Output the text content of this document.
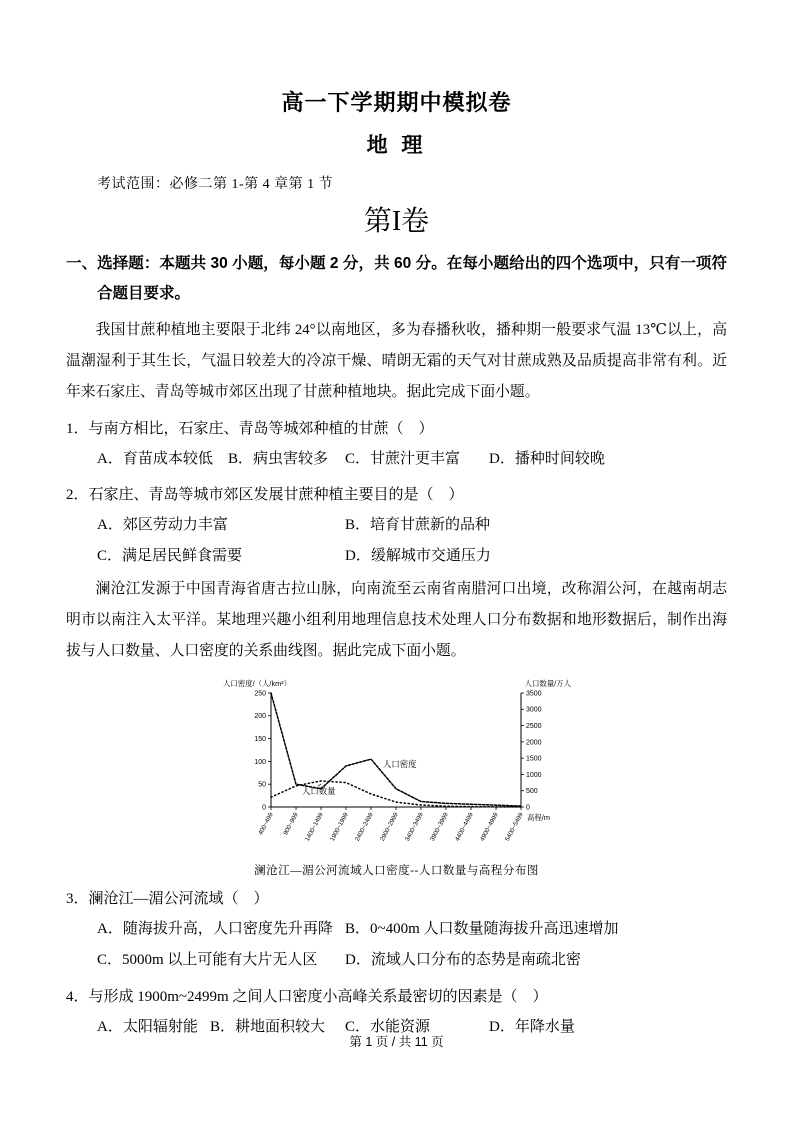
高一下学期期中模拟卷
地 理
考试范围：必修二第 1-第 4 章第 1 节
第I卷
一、选择题：本题共 30 小题，每小题 2 分，共 60 分。在每小题给出的四个选项中，只有一项符合题目要求。

我国甘蔗种植地主要限于北纬 24°以南地区，多为春播秋收，播种期一般要求气温 13℃以上，高温潮湿利于其生长，气温日较差大的冷凉干燥、晴朗无霜的天气对甘蔗成熟及品质提高非常有利。近年来石家庄、青岛等城市郊区出现了甘蔗种植地块。据此完成下面小题。

1．与南方相比，石家庄、青岛等城郊种植的甘蔗（　）
A．育苗成本较低	B．病虫害较多	C．甘蔗汁更丰富	D．播种时间较晚
2．石家庄、青岛等城市郊区发展甘蔗种植主要目的是（　）
A．郊区劳动力丰富	B．培育甘蔗新的品种
C．满足居民鲜食需要	D．缓解城市交通压力

澜沧江发源于中国青海省唐古拉山脉，向南流至云南省南腊河口出境，改称湄公河，在越南胡志明市以南注入太平洋。某地理兴趣小组利用地理信息技术处理人口分布数据和地形数据后，制作出海拔与人口数量、人口密度的关系曲线图。据此完成下面小题。

0
50
100
150
200
250
0
500
1000
1500
2000
2500
3000
3500
400~499 900~999 1400~1499 1900~1999 2400~2499 2900~2999 3400~3499 3900~3999 4400~4499 4900~4999 5400~5499
人口密度
人口数量
人口密度/（人/km²）	人口数量/万人
高程/m
澜沧江—湄公河流域人口密度--人口数量与高程分布图
3．澜沧江—湄公河流域（　）
A．随海拔升高，人口密度先升再降 B．0~400m 人口数量随海拔升高迅速增加
C．5000m 以上可能有大片无人区	D．流域人口分布的态势是南疏北密
4．与形成 1900m~2499m 之间人口密度小高峰关系最密切的因素是（　）
A．太阳辐射能 B．耕地面积较大	C．水能资源	D．年降水量
第 1 页 / 共 11 页
